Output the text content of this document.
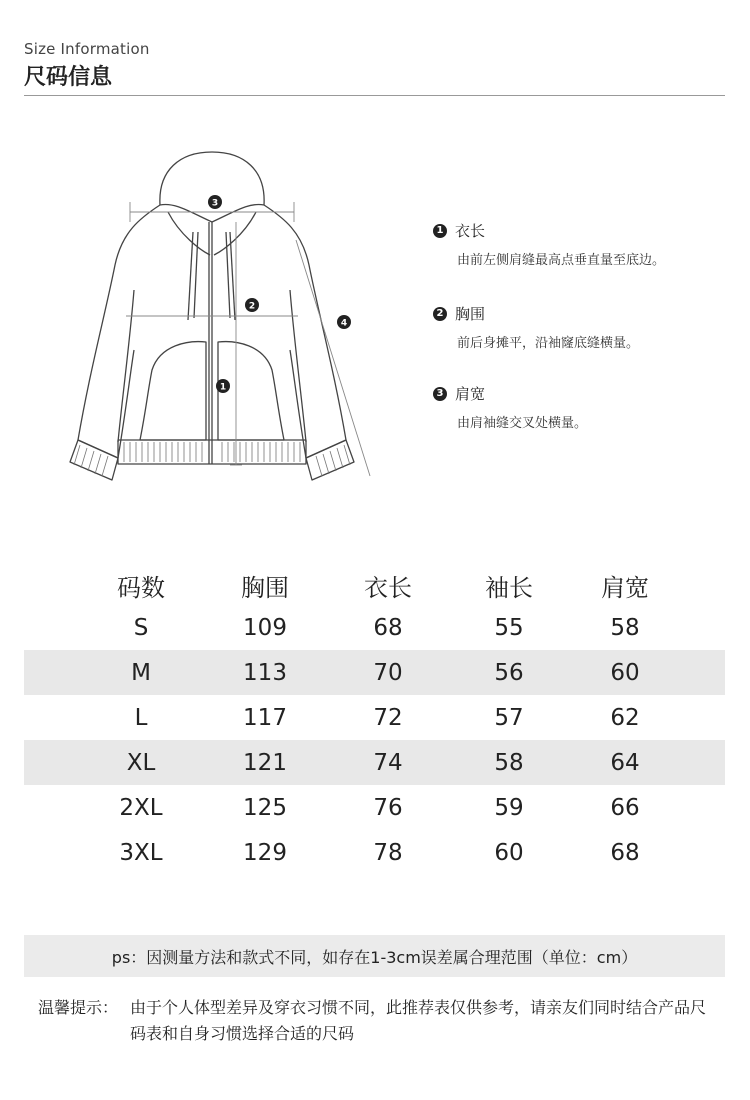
Size Information
尺码信息
3
2
1
4
1 衣长
由前左侧肩缝最高点垂直量至底边。
2 胸围
前后身摊平，沿袖窿底缝横量。
3 肩宽
由肩袖缝交叉处横量。
码数	胸围	衣长	袖长	肩宽
S	109	68	55	58
M	113	70	56	60
L	117	72	57	62
XL	121	74	58	64
2XL	125	76	59	66
3XL	129	78	60	68
ps：因测量方法和款式不同，如存在1-3cm误差属合理范围（单位：cm）
温馨提示： 由于个人体型差异及穿衣习惯不同，此推荐表仅供参考，请亲友们同时结合产品尺码表和自身习惯选择合适的尺码
